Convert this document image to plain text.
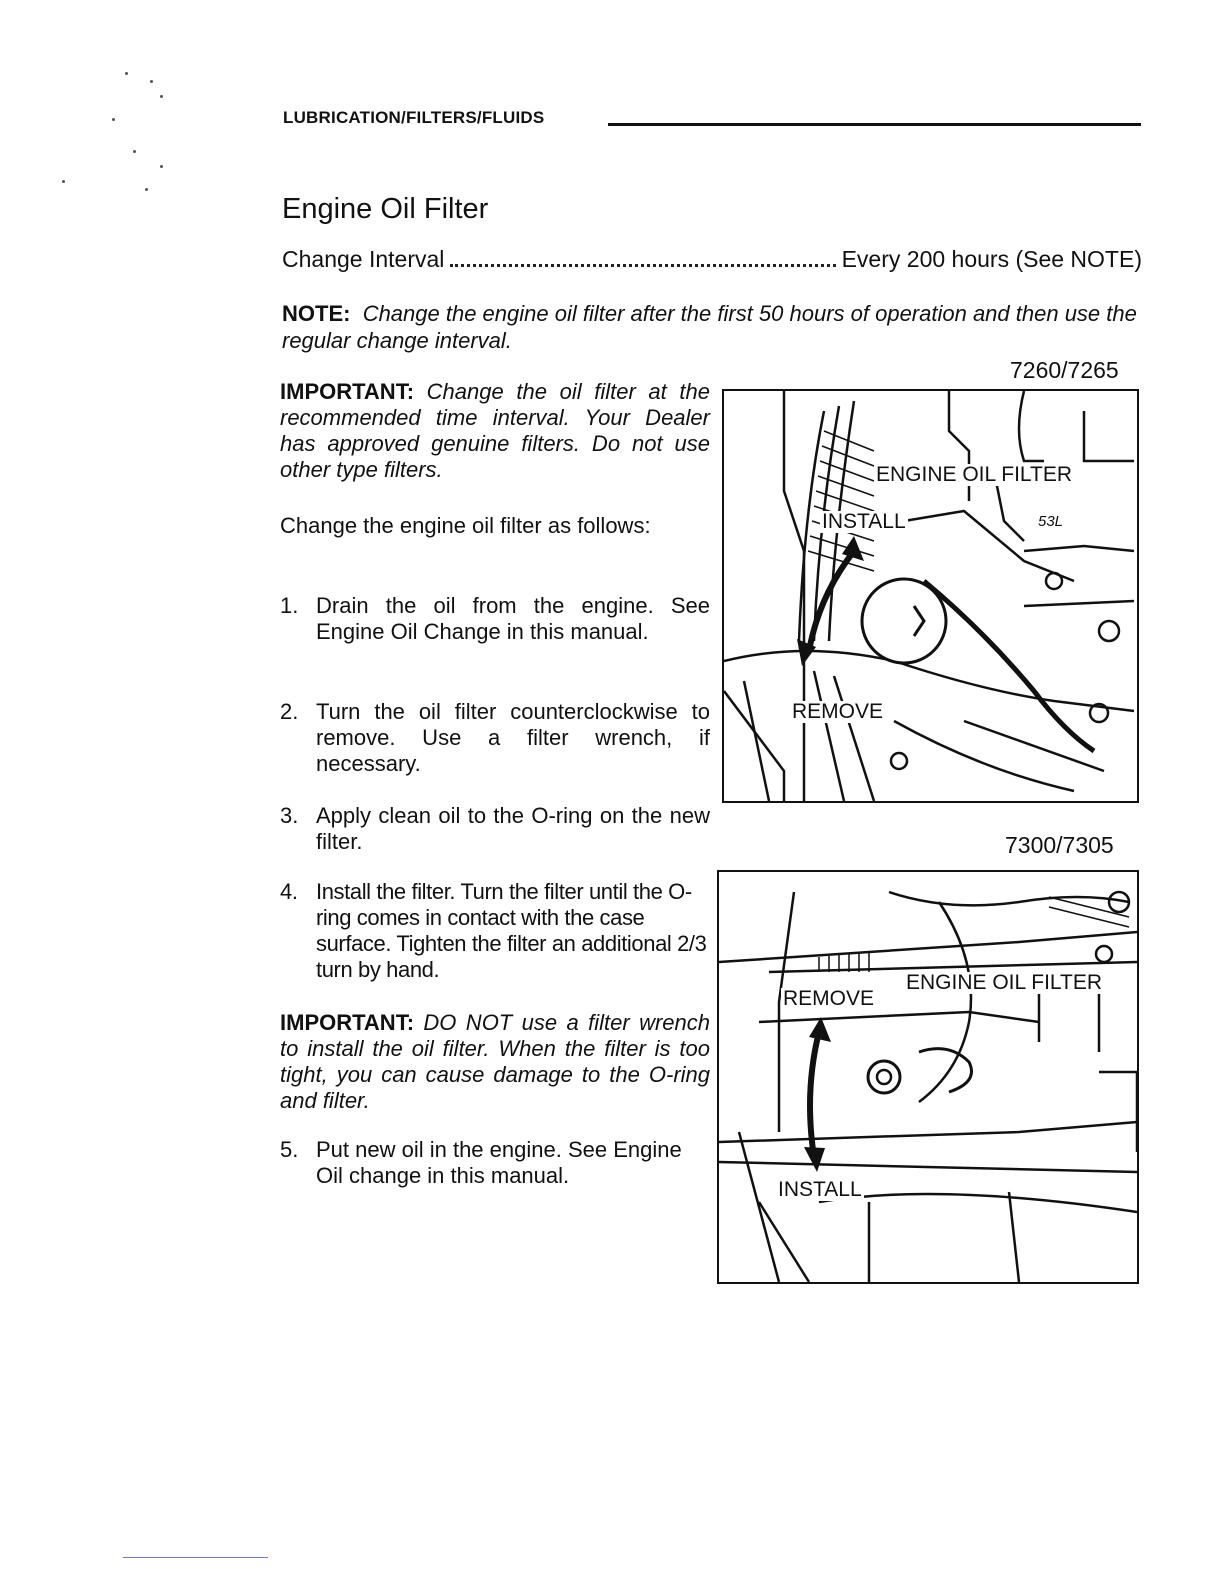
LUBRICATION/FILTERS/FLUIDS
Engine Oil Filter
Change Interval	Every 200 hours (See NOTE)
NOTE: Change the engine oil filter after the first 50 hours of operation and then use the regular change interval.
IMPORTANT: Change the oil filter at the recommended time interval. Your Dealer has approved genuine filters. Do not use other type filters.
Change the engine oil filter as follows:
1. Drain the oil from the engine. See Engine Oil Change in this manual.
2. Turn the oil filter counterclockwise to remove. Use a filter wrench, if necessary.
3. Apply clean oil to the O-ring on the new filter.
4. Install the filter. Turn the filter until the O-ring comes in contact with the case surface. Tighten the filter an additional 2/3 turn by hand.
IMPORTANT: DO NOT use a filter wrench to install the oil filter. When the filter is too tight, you can cause damage to the O-ring and filter.
5. Put new oil in the engine. See Engine Oil change in this manual.
7260/7265
ENGINE OIL FILTER
INSTALL	53L
REMOVE
7300/7305
ENGINE OIL FILTER
REMOVE
INSTALL
